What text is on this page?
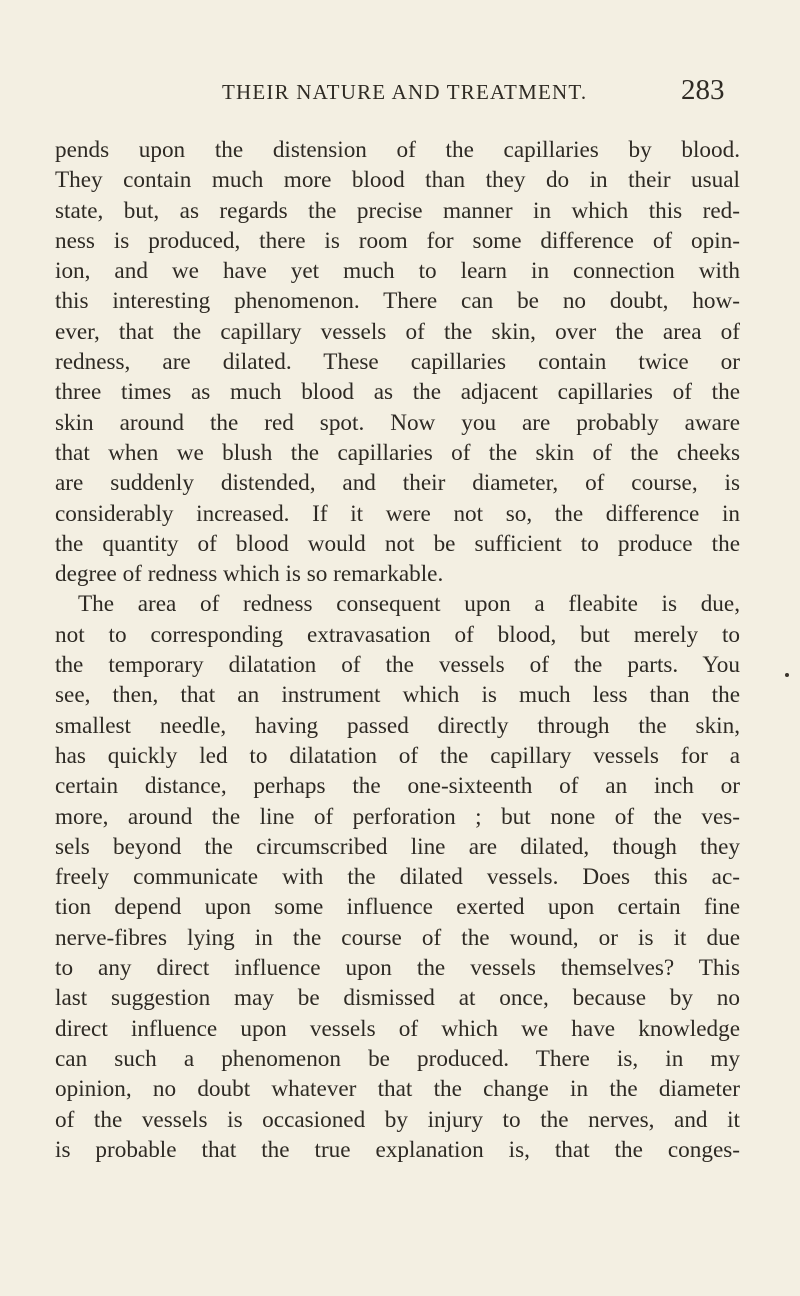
THEIR NATURE AND TREATMENT.	283
pends upon the distension of the capillaries by blood.
They contain much more blood than they do in their usual
state, but, as regards the precise manner in which this red-
ness is produced, there is room for some difference of opin-
ion, and we have yet much to learn in connection with
this interesting phenomenon. There can be no doubt, how-
ever, that the capillary vessels of the skin, over the area of
redness, are dilated. These capillaries contain twice or
three times as much blood as the adjacent capillaries of the
skin around the red spot. Now you are probably aware
that when we blush the capillaries of the skin of the cheeks
are suddenly distended, and their diameter, of course, is
considerably increased. If it were not so, the difference in
the quantity of blood would not be sufficient to produce the
degree of redness which is so remarkable.
The area of redness consequent upon a fleabite is due,
not to corresponding extravasation of blood, but merely to
the temporary dilatation of the vessels of the parts. You
see, then, that an instrument which is much less than the
smallest needle, having passed directly through the skin,
has quickly led to dilatation of the capillary vessels for a
certain distance, perhaps the one-sixteenth of an inch or
more, around the line of perforation ; but none of the ves-
sels beyond the circumscribed line are dilated, though they
freely communicate with the dilated vessels. Does this ac-
tion depend upon some influence exerted upon certain fine
nerve-fibres lying in the course of the wound, or is it due
to any direct influence upon the vessels themselves? This
last suggestion may be dismissed at once, because by no
direct influence upon vessels of which we have knowledge
can such a phenomenon be produced. There is, in my
opinion, no doubt whatever that the change in the diameter
of the vessels is occasioned by injury to the nerves, and it
is probable that the true explanation is, that the conges-
